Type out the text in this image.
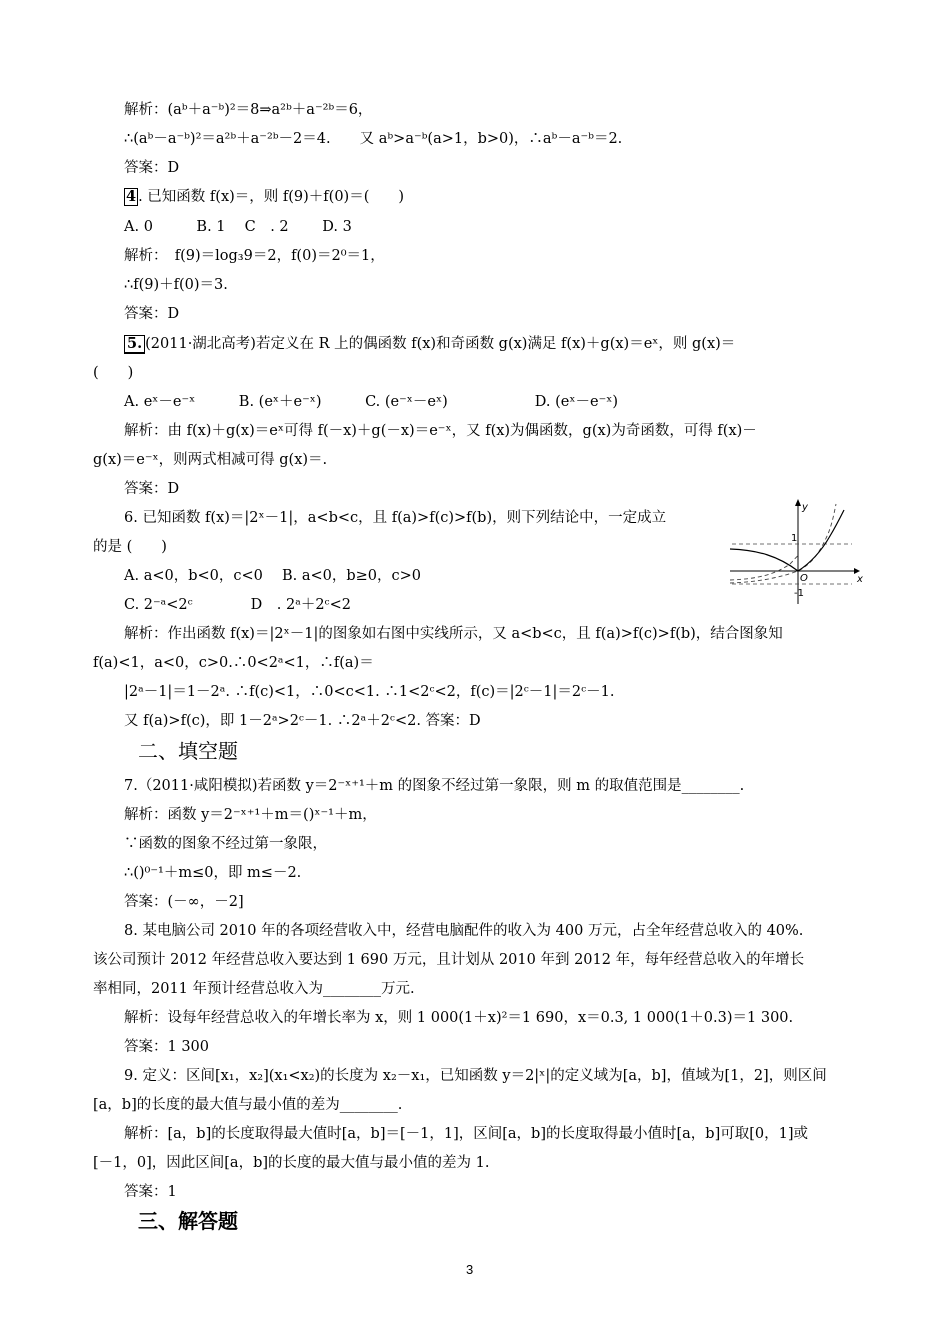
解析：(aᵇ＋a⁻ᵇ)²＝8⇒a²ᵇ＋a⁻²ᵇ＝6，
∴(aᵇ－a⁻ᵇ)²＝a²ᵇ＋a⁻²ᵇ－2＝4.　　又 aᵇ>a⁻ᵇ(a>1，b>0)，∴aᵇ－a⁻ᵇ＝2.
答案：D
4 . 已知函数 f(x)＝，则 f(9)＋f(0)＝(　　)
A. 0　　　B. 1　 C　. 2　　 D. 3
解析：　f(9)＝log₃9＝2，f(0)＝2⁰＝1，
∴f(9)＋f(0)＝3.
答案：D
5. (2011·湖北高考)若定义在 R 上的偶函数 f(x)和奇函数 g(x)满足 f(x)＋g(x)＝eˣ，则 g(x)＝
(　　)
A. eˣ－e⁻ˣ　　　B. (eˣ＋e⁻ˣ)　　　C. (e⁻ˣ－eˣ)　　　　　　D. (eˣ－e⁻ˣ)
解析：由 f(x)＋g(x)＝eˣ可得 f(－x)＋g(－x)＝e⁻ˣ，又 f(x)为偶函数，g(x)为奇函数，可得 f(x)－
g(x)＝e⁻ˣ，则两式相减可得 g(x)＝.
答案：D
6. 已知函数 f(x)＝|2ˣ－1|，a<b<c，且 f(a)>f(c)>f(b)，则下列结论中，一定成立
的是 (　　)
A. a<0，b<0，c<0　 B. a<0，b≥0，c>0
C. 2⁻ᵃ<2ᶜ　　　　D　. 2ᵃ＋2ᶜ<2
y
x
O
1
-1
解析：作出函数 f(x)＝|2ˣ－1|的图象如右图中实线所示，又 a<b<c，且 f(a)>f(c)>f(b)，结合图象知
f(a)<1，a<0，c>0.∴0<2ᵃ<1，∴f(a)＝
|2ᵃ－1|＝1－2ᵃ. ∴f(c)<1，∴0<c<1. ∴1<2ᶜ<2，f(c)＝|2ᶜ－1|＝2ᶜ－1.
又 f(a)>f(c)，即 1－2ᵃ>2ᶜ－1. ∴2ᵃ＋2ᶜ<2. 答案：D
二、填空题
7.（2011·咸阳模拟)若函数 y＝2⁻ˣ⁺¹＋m 的图象不经过第一象限，则 m 的取值范围是________.
解析：函数 y＝2⁻ˣ⁺¹＋m＝()ˣ⁻¹＋m，
∵函数的图象不经过第一象限，
∴()⁰⁻¹＋m≤0，即 m≤－2.
答案：(－∞，－2]
8. 某电脑公司 2010 年的各项经营收入中，经营电脑配件的收入为 400 万元，占全年经营总收入的 40%.
该公司预计 2012 年经营总收入要达到 1 690 万元，且计划从 2010 年到 2012 年，每年经营总收入的年增长
率相同，2011 年预计经营总收入为________万元.
解析：设每年经营总收入的年增长率为 x，则 1 000(1＋x)²＝1 690，x＝0.3, 1 000(1＋0.3)＝1 300.
答案：1 300
9. 定义：区间[x₁，x₂](x₁<x₂)的长度为 x₂－x₁，已知函数 y＝2|ˣ|的定义域为[a，b]，值域为[1，2]，则区间
[a，b]的长度的最大值与最小值的差为________.
解析：[a，b]的长度取得最大值时[a，b]＝[－1，1]，区间[a，b]的长度取得最小值时[a，b]可取[0，1]或
[－1，0]，因此区间[a，b]的长度的最大值与最小值的差为 1.
答案：1
三、解答题
3
